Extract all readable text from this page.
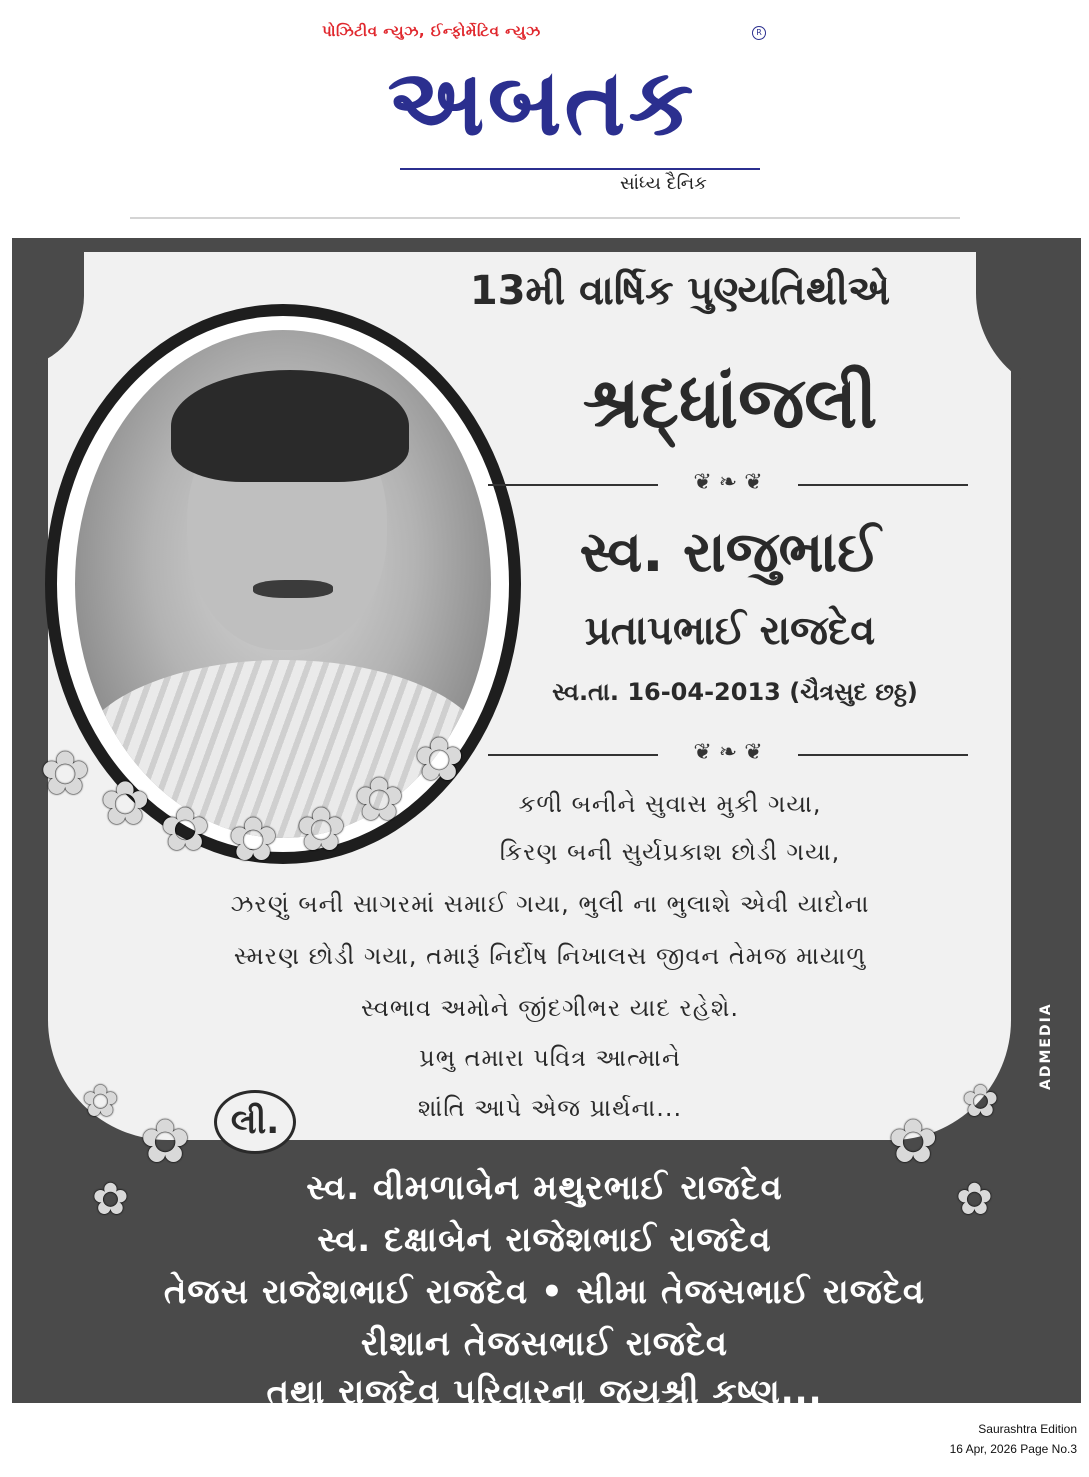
પોઝિટીવ ન્યુઝ, ઈન્ફોર્મેટિવ ન્યુઝ	R
અબતક
સાંધ્ય દૈનિક
✿ ✿ ✿ ✿ ✿ ✿
✿
✿
✿
✿
✿
✿
✿
13મી વાર્ષિક પુણ્યતિથીએ
શ્રદ્ધાંજલી
❦ ❧ ❦
સ્વ. રાજુભાઈ
પ્રતાપભાઈ રાજદેવ
સ્વ.તા. 16-04-2013 (ચૈત્રસુદ છઠ્ઠ)
❦ ❧ ❦
કળી બનીને સુવાસ મુકી ગયા,
કિરણ બની સુર્યપ્રકાશ છોડી ગયા,
ઝરણું બની સાગરમાં સમાઈ ગયા, ભુલી ના ભુલાશે એવી યાદોના
સ્મરણ છોડી ગયા, તમારૂં નિર્દોષ નિખાલસ જીવન તેમજ માયાળુ
સ્વભાવ અમોને જીંદગીભર યાદ રહેશે.
પ્રભુ તમારા પવિત્ર આત્માને
શાંતિ આપે એજ પ્રાર્થના...
લી.
સ્વ. વીમળાબેન મથુરભાઈ રાજદેવ
સ્વ. દક્ષાબેન રાજેશભાઈ રાજદેવ
તેજસ રાજેશભાઈ રાજદેવ • સીમા તેજસભાઈ રાજદેવ
રીશાન તેજસભાઈ રાજદેવ
તથા રાજદેવ પરિવારના જયશ્રી કૃષ્ણ...
ADMEDIA
Saurashtra Edition
16 Apr, 2026 Page No.3
